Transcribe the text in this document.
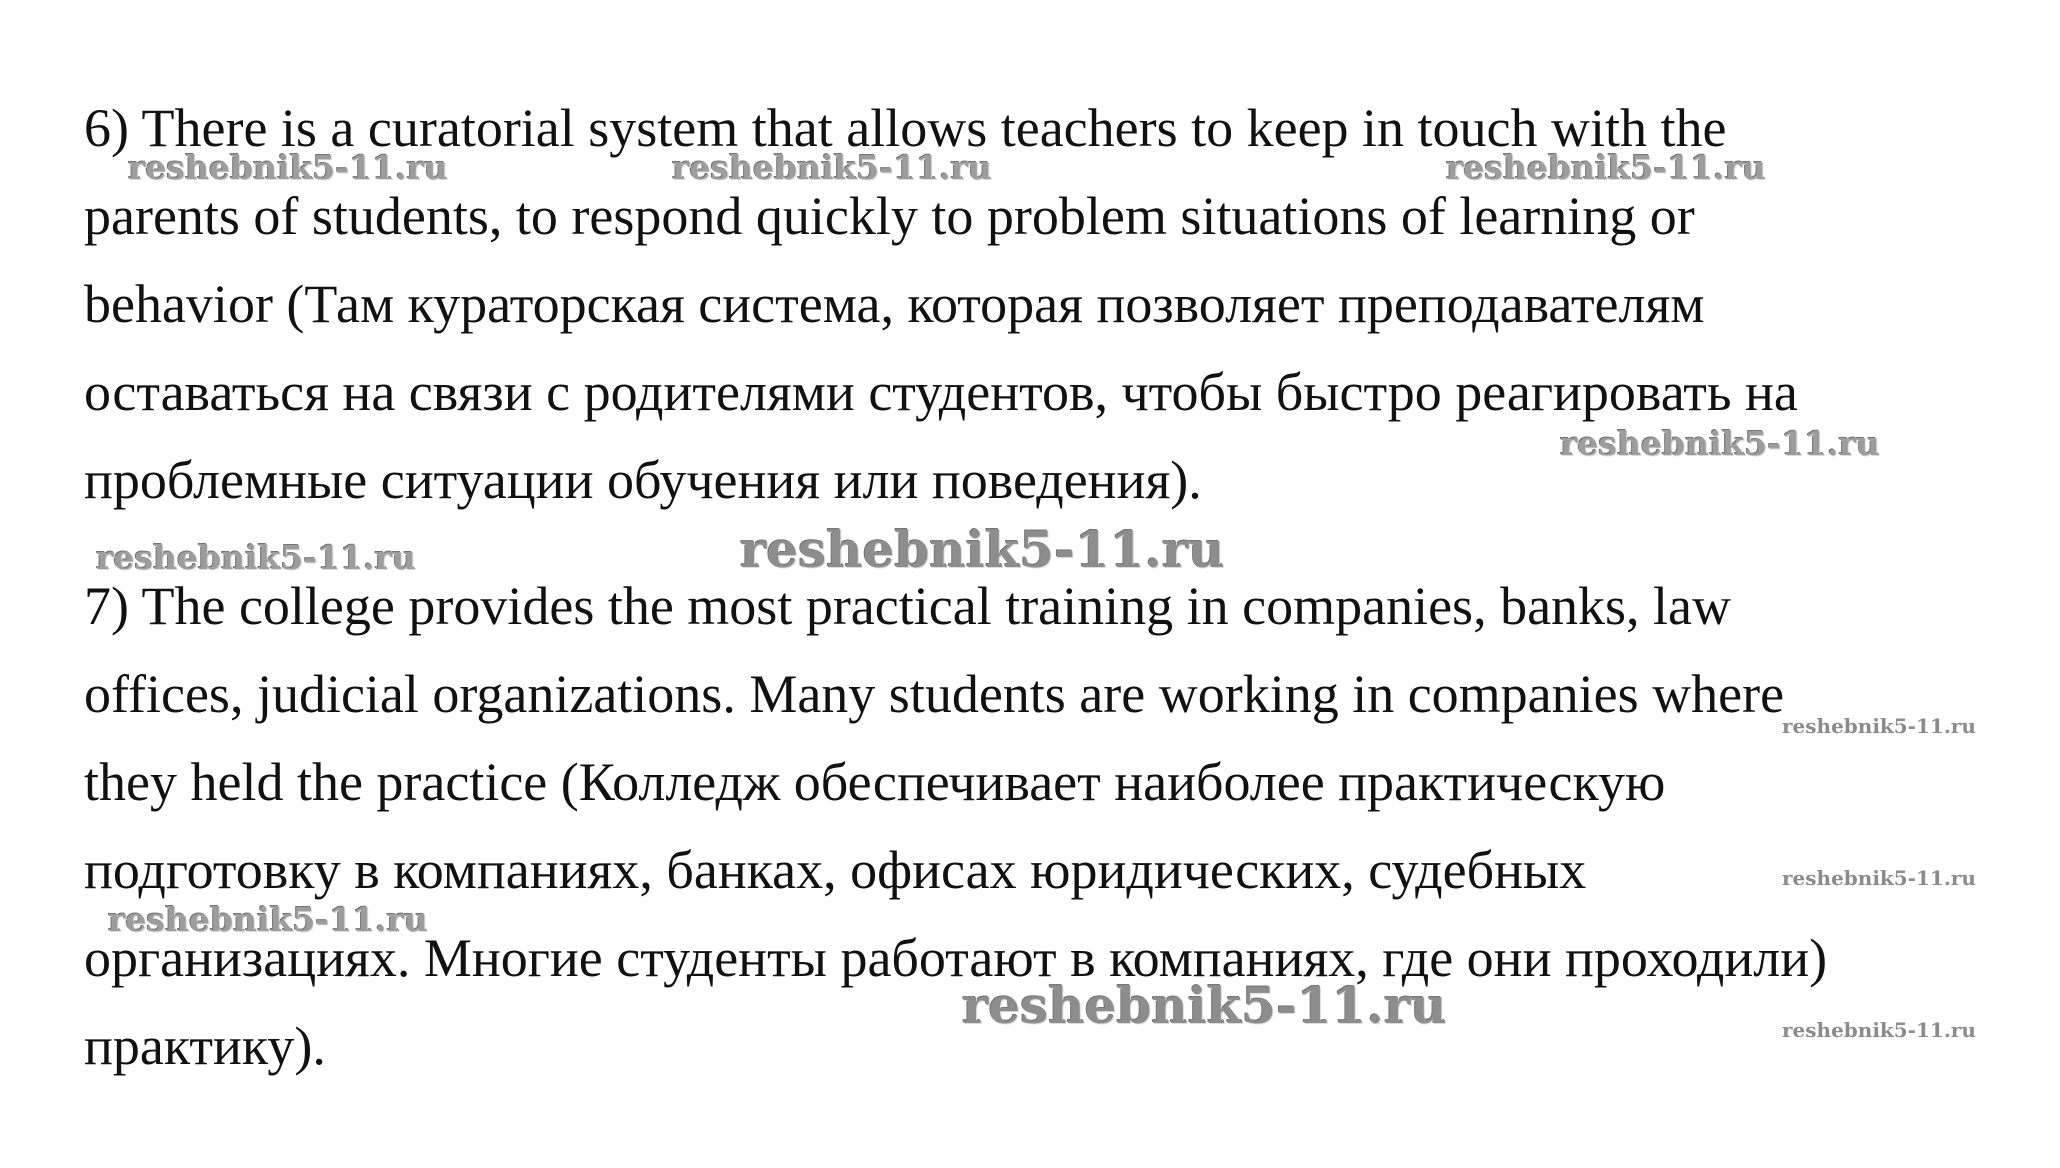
6) There is a curatorial system that allows teachers to keep in touch with the
parents of students, to respond quickly to problem situations of learning or
behavior (Там кураторская система, которая позволяет преподавателям
оставаться на связи с родителями студентов, чтобы быстро реагировать на
проблемные ситуации обучения или поведения).
7) The college provides the most practical training in companies, banks, law
offices, judicial organizations. Many students are working in companies where
they held the practice (Колледж обеспечивает наиболее практическую
подготовку в компаниях, банках, офисах юридических, судебных
организациях. Многие студенты работают в компаниях, где они проходили)
практику).
reshebnik5-11.ru	reshebnik5-11.ru	reshebnik5-11.ru
reshebnik5-11.ru
reshebnik5-11.ru	reshebnik5-11.ru
reshebnik5-11.ru
reshebnik5-11.ru
reshebnik5-11.ru
reshebnik5-11.ru	reshebnik5-11.ru
